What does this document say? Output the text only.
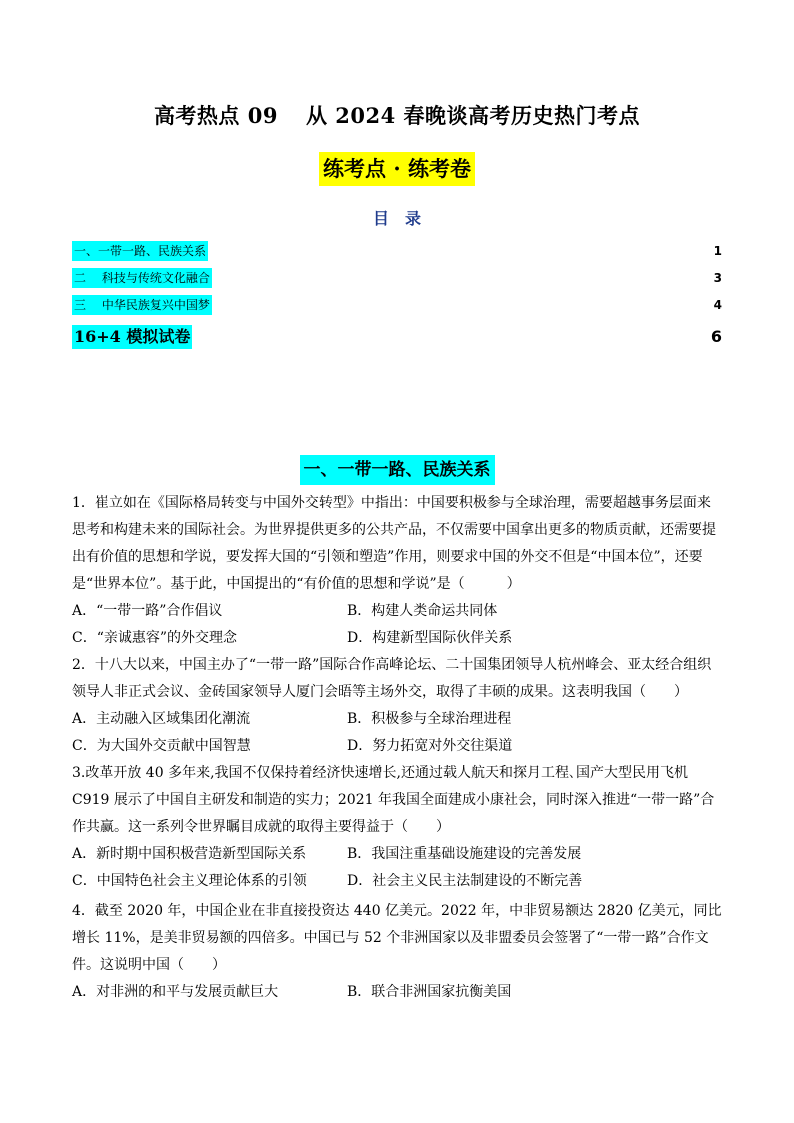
高考热点 09 从 2024 春晚谈高考历史热门考点
练考点 · 练考卷
目　录
一、一带一路、民族关系	1
二　 科技与传统文化融合	3
三　 中华民族复兴中国梦	4
16+4 模拟试卷	6
一、一带一路、民族关系

1．崔立如在《国际格局转变与中国外交转型》中指出：中国要积极参与全球治理，需要超越事务层面来思考和构建未来的国际社会。为世界提供更多的公共产品，不仅需要中国拿出更多的物质贡献，还需要提出有价值的思想和学说，要发挥大国的“引领和塑造”作用，则要求中国的外交不但是“中国本位”，还要是“世界本位”。基于此，中国提出的“有价值的思想和学说”是（　　　）

A．“一带一路”合作倡议	B．构建人类命运共同体
C．“亲诚惠容”的外交理念	D．构建新型国际伙伴关系

2．十八大以来，中国主办了“一带一路”国际合作高峰论坛、二十国集团领导人杭州峰会、亚太经合组织领导人非正式会议、金砖国家领导人厦门会晤等主场外交，取得了丰硕的成果。这表明我国（　　）

A．主动融入区域集团化潮流	B．积极参与全球治理进程
C．为大国外交贡献中国智慧	D．努力拓宽对外交往渠道

3.改革开放 40 多年来,我国不仅保持着经济快速增长,还通过载人航天和探月工程､国产大型民用飞机 C919 展示了中国自主研发和制造的实力；2021 年我国全面建成小康社会，同时深入推进“一带一路”合作共赢。这一系列令世界瞩目成就的取得主要得益于（　　）

A．新时期中国积极营造新型国际关系	B．我国注重基础设施建设的完善发展
C．中国特色社会主义理论体系的引领	D．社会主义民主法制建设的不断完善

4．截至 2020 年，中国企业在非直接投资达 440 亿美元。2022 年，中非贸易额达 2820 亿美元，同比增长 11%，是美非贸易额的四倍多。中国已与 52 个非洲国家以及非盟委员会签署了“一带一路”合作文件。这说明中国（　　）

A．对非洲的和平与发展贡献巨大	B．联合非洲国家抗衡美国
